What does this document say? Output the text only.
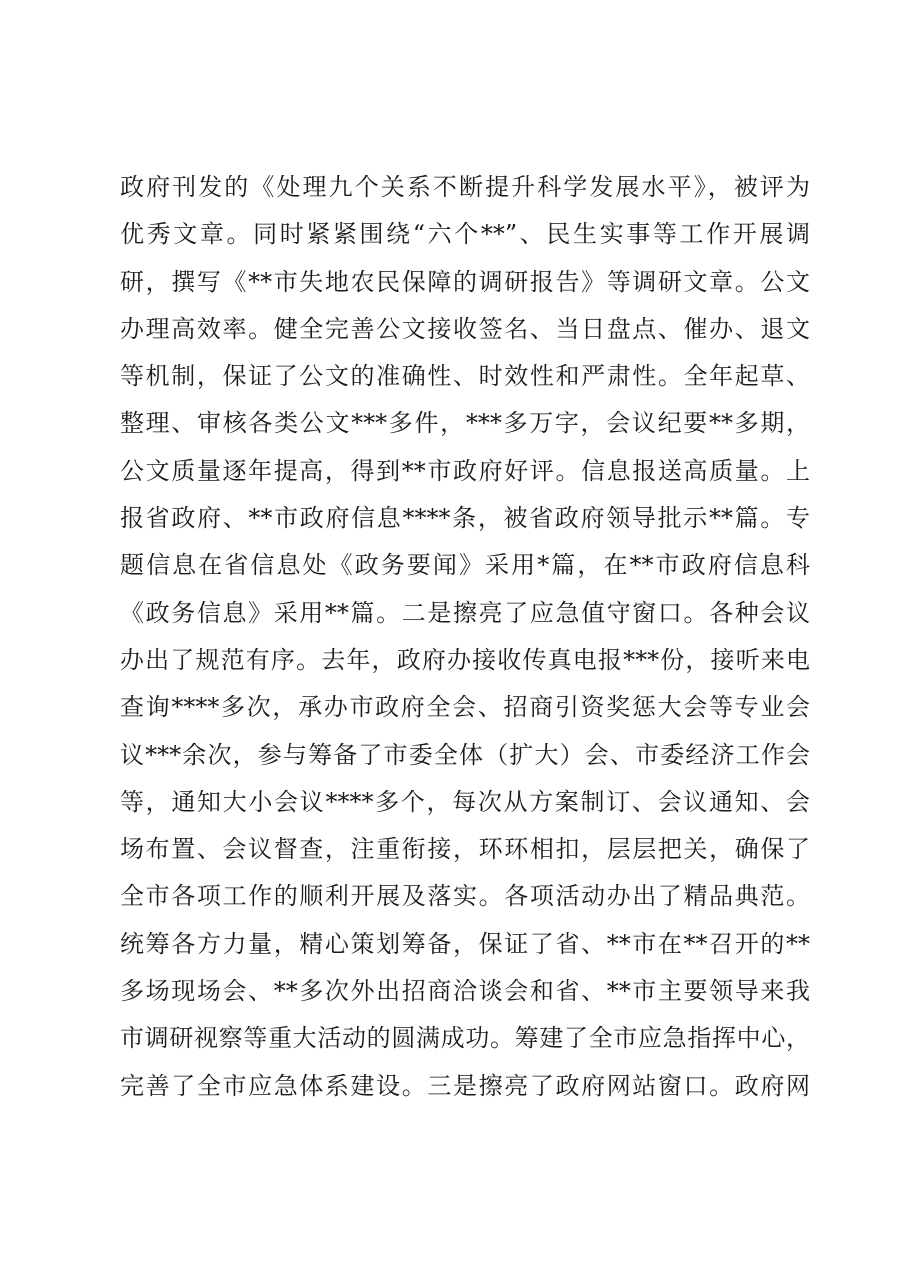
政府刊发的《处理九个关系不断提升科学发展水平》，被评为
优秀文章。同时紧紧围绕“六个**”、民生实事等工作开展调
研，撰写《**市失地农民保障的调研报告》等调研文章。公文
办理高效率。健全完善公文接收签名、当日盘点、催办、退文
等机制，保证了公文的准确性、时效性和严肃性。全年起草、
整理、审核各类公文***多件，***多万字，会议纪要**多期，
公文质量逐年提高，得到**市政府好评。信息报送高质量。上
报省政府、**市政府信息****条，被省政府领导批示**篇。专
题信息在省信息处《政务要闻》采用*篇，在**市政府信息科
《政务信息》采用**篇。二是擦亮了应急值守窗口。各种会议
办出了规范有序。去年，政府办接收传真电报***份，接听来电
查询****多次，承办市政府全会、招商引资奖惩大会等专业会
议***余次，参与筹备了市委全体（扩大）会、市委经济工作会
等，通知大小会议****多个，每次从方案制订、会议通知、会
场布置、会议督查，注重衔接，环环相扣，层层把关，确保了
全市各项工作的顺利开展及落实。各项活动办出了精品典范。
统筹各方力量，精心策划筹备，保证了省、**市在**召开的**
多场现场会、**多次外出招商洽谈会和省、**市主要领导来我
市调研视察等重大活动的圆满成功。筹建了全市应急指挥中心，
完善了全市应急体系建设。三是擦亮了政府网站窗口。政府网
